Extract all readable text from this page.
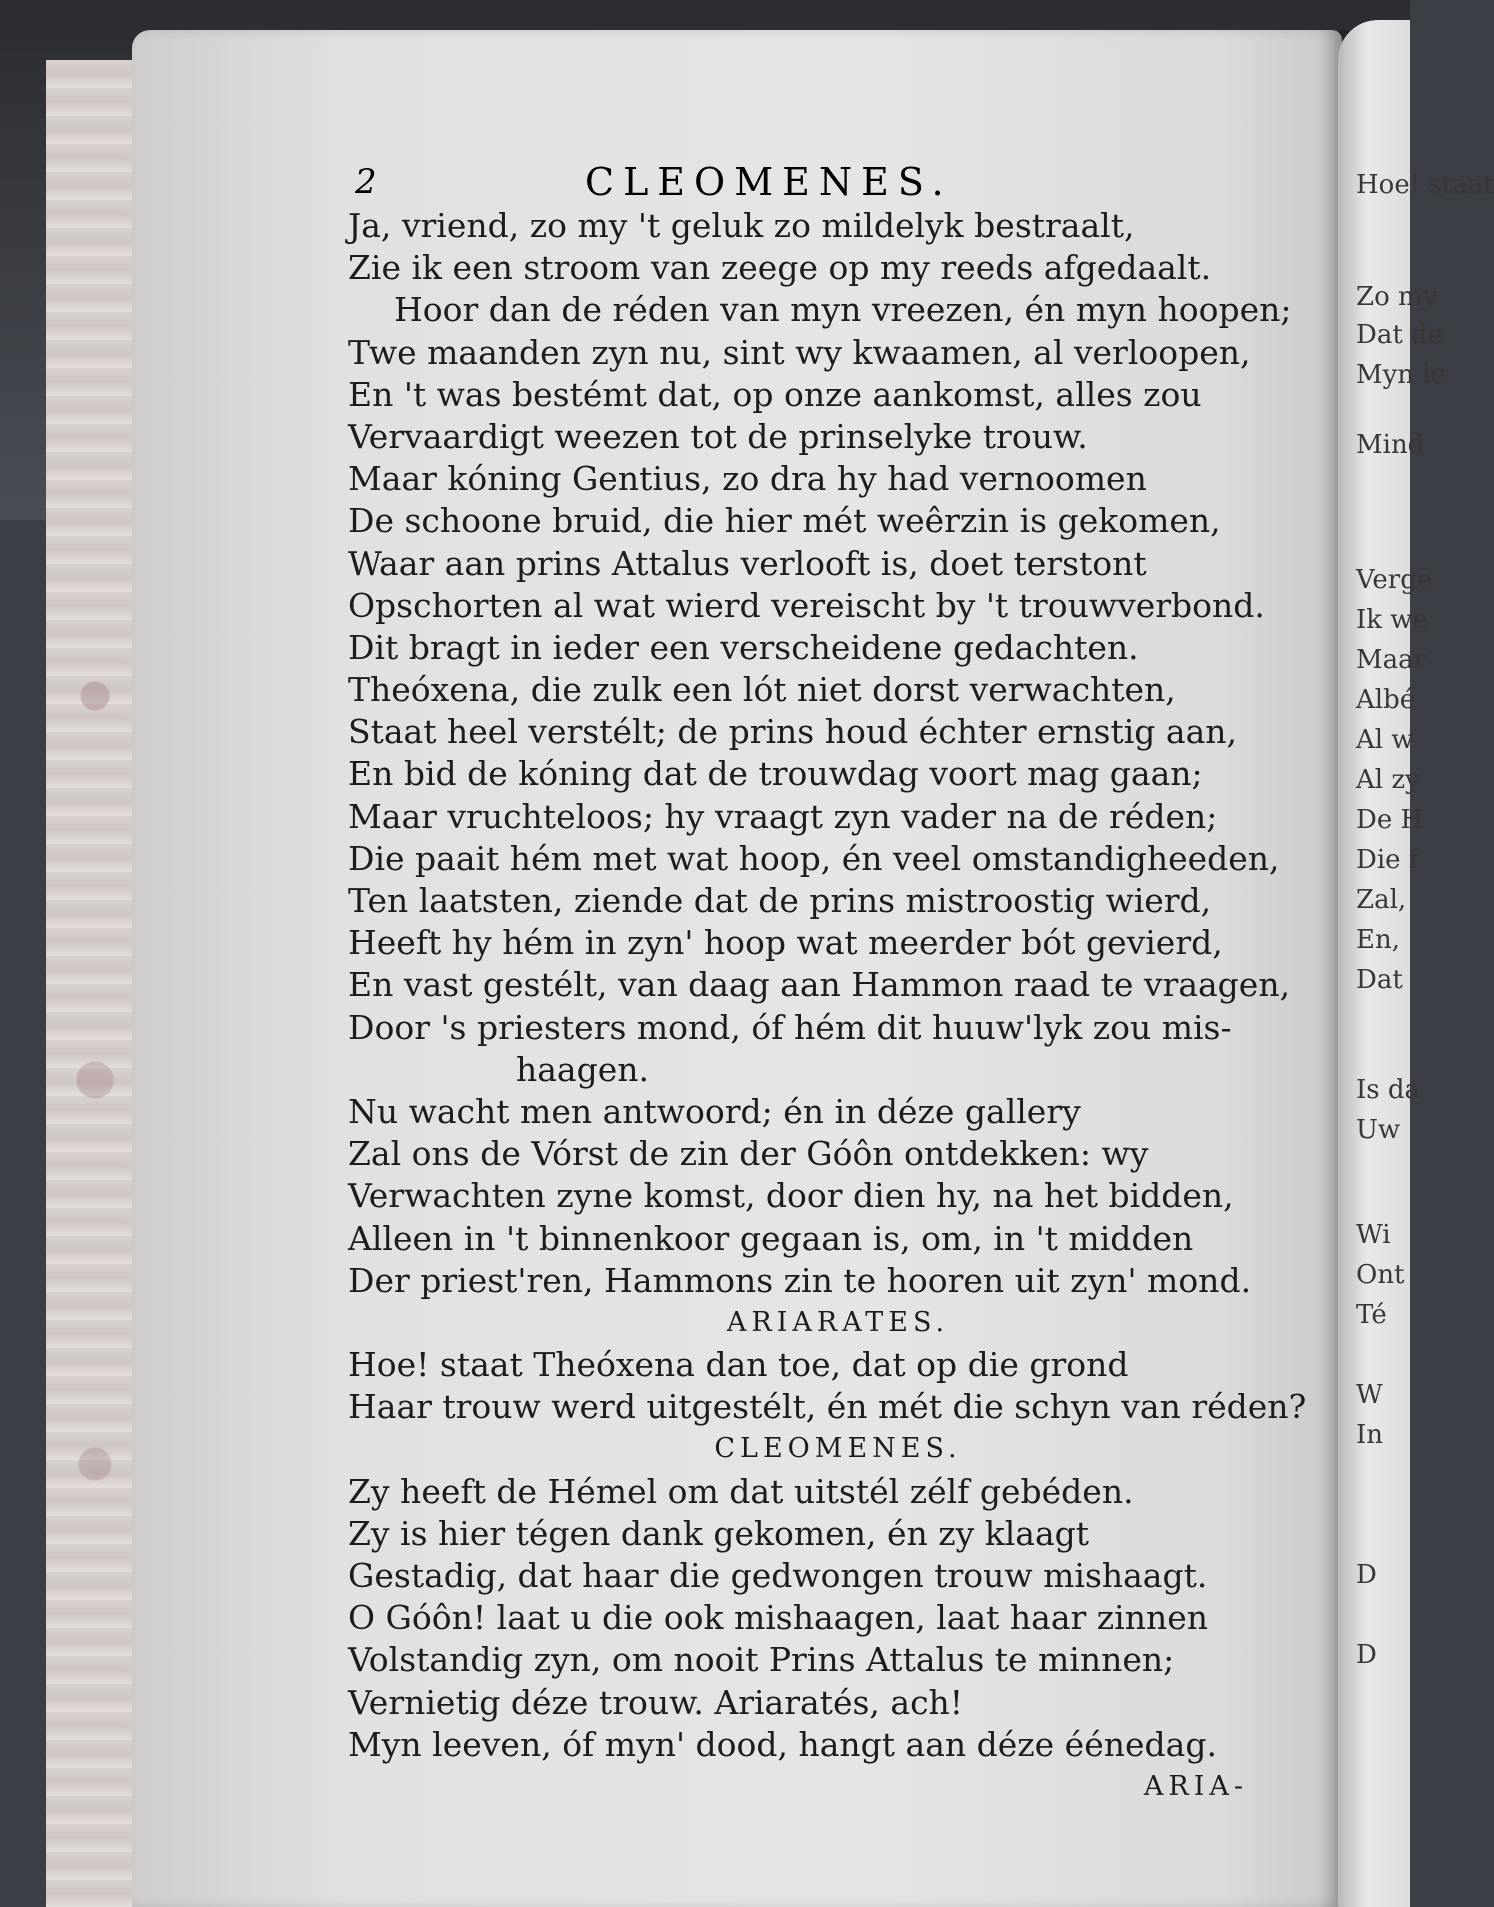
Hoe! staat
Zo my
Dat de
Myn le
Mind
Verge
Ik we
Maar
Albé
Al w
Al zy
De H
Die f
Zal,
En,
Dat
Is da
Uw
Wi
Ont
Té
W
In
D
D
2	CLEOMENES.
Ja, vriend, zo my 't geluk zo mildelyk bestraalt,
Zie ik een stroom van zeege op my reeds afgedaalt.
Hoor dan de réden van myn vreezen, én myn hoopen;
Twe maanden zyn nu, sint wy kwaamen, al verloopen,
En 't was bestémt dat, op onze aankomst, alles zou
Vervaardigt weezen tot de prinselyke trouw.
Maar kóning Gentius, zo dra hy had vernoomen
De schoone bruid, die hier mét weêrzin is gekomen,
Waar aan prins Attalus verlooft is, doet terstont
Opschorten al wat wierd vereischt by 't trouwverbond.
Dit bragt in ieder een verscheidene gedachten.
Theóxena, die zulk een lót niet dorst verwachten,
Staat heel verstélt; de prins houd échter ernstig aan,
En bid de kóning dat de trouwdag voort mag gaan;
Maar vruchteloos; hy vraagt zyn vader na de réden;
Die paait hém met wat hoop, én veel omstandigheeden,
Ten laatsten, ziende dat de prins mistroostig wierd,
Heeft hy hém in zyn' hoop wat meerder bót gevierd,
En vast gestélt, van daag aan Hammon raad te vraagen,
Door 's priesters mond, óf hém dit huuw'lyk zou mis-
haagen.
Nu wacht men antwoord; én in déze gallery
Zal ons de Vórst de zin der Góôn ontdekken: wy
Verwachten zyne komst, door dien hy, na het bidden,
Alleen in 't binnenkoor gegaan is, om, in 't midden
Der priest'ren, Hammons zin te hooren uit zyn' mond.
ARIARATES.
Hoe! staat Theóxena dan toe, dat op die grond
Haar trouw werd uitgestélt, én mét die schyn van réden?
CLEOMENES.
Zy heeft de Hémel om dat uitstél zélf gebéden.
Zy is hier tégen dank gekomen, én zy klaagt
Gestadig, dat haar die gedwongen trouw mishaagt.
O Góôn! laat u die ook mishaagen, laat haar zinnen
Volstandig zyn, om nooit Prins Attalus te minnen;
Vernietig déze trouw. Ariaratés, ach!
Myn leeven, óf myn' dood, hangt aan déze éénedag.
ARIA-
